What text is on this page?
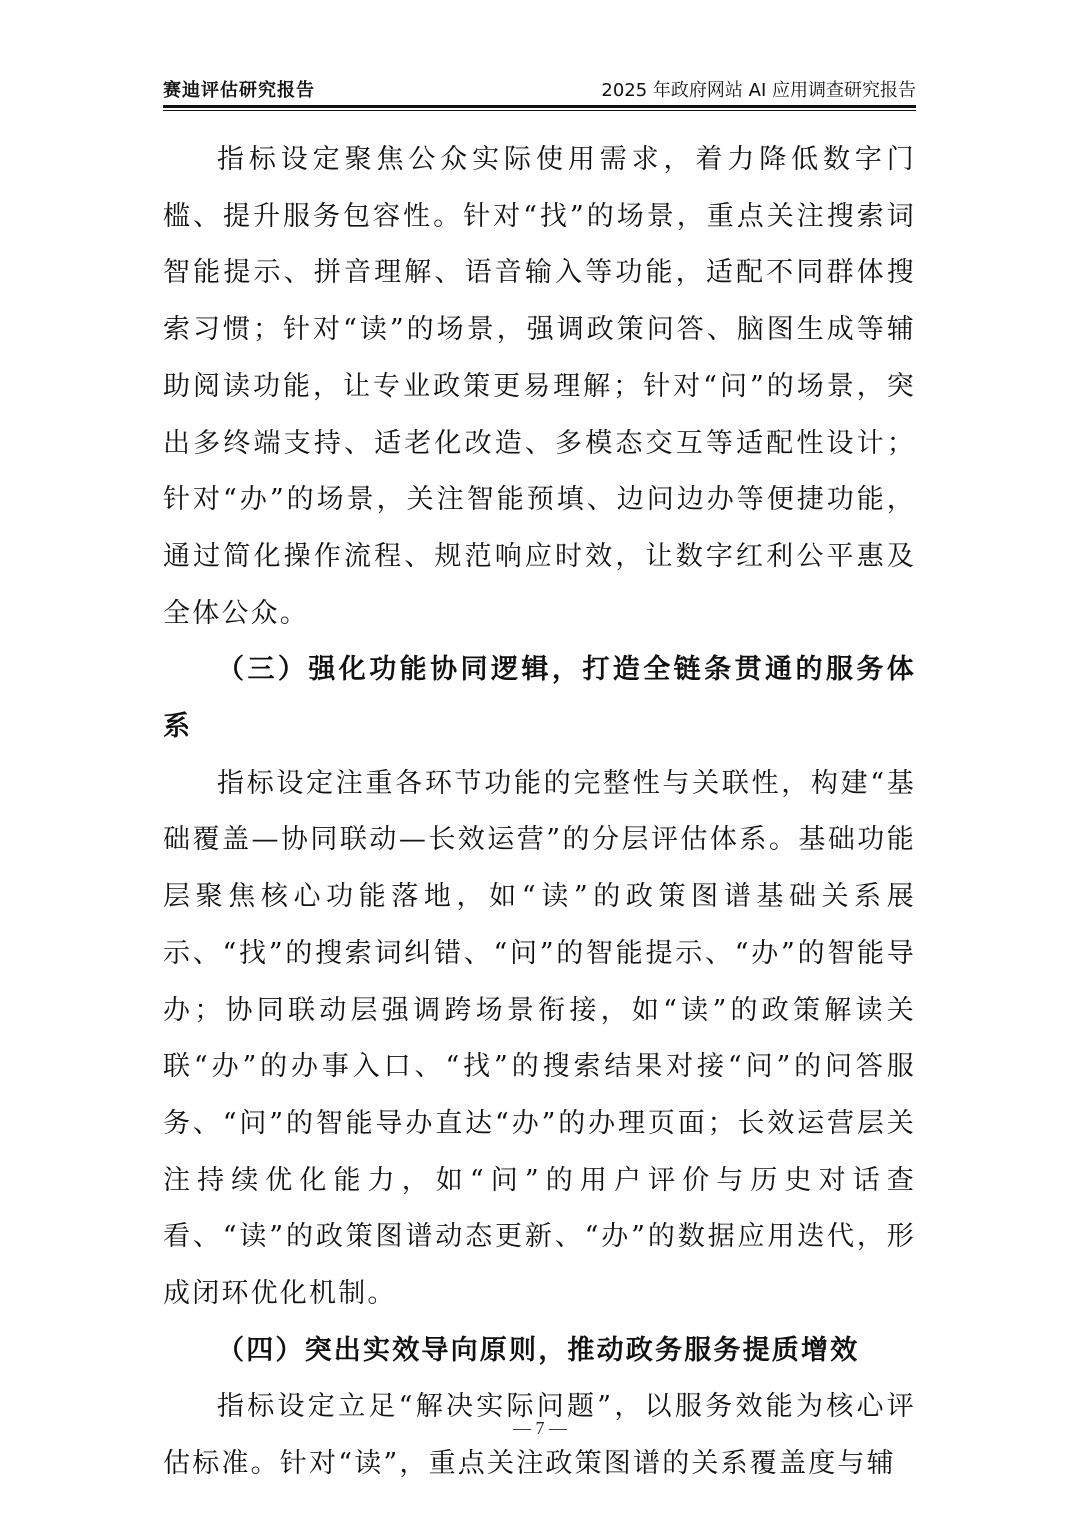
赛迪评估研究报告	2025 年政府网站 AI 应用调查研究报告

指标设定聚焦公众实际使用需求，着力降低数字门槛、提升服务包容性。针对“找”的场景，重点关注搜索词智能提示、拼音理解、语音输入等功能，适配不同群体搜索习惯；针对“读”的场景，强调政策问答、脑图生成等辅助阅读功能，让专业政策更易理解；针对“问”的场景，突出多终端支持、适老化改造、多模态交互等适配性设计；针对“办”的场景，关注智能预填、边问边办等便捷功能，通过简化操作流程、规范响应时效，让数字红利公平惠及全体公众。

（三）强化功能协同逻辑，打造全链条贯通的服务体系

指标设定注重各环节功能的完整性与关联性，构建“基础覆盖—协同联动—长效运营”的分层评估体系。基础功能层聚焦核心功能落地，如“读”的政策图谱基础关系展示、“找”的搜索词纠错、“问”的智能提示、“办”的智能导办；协同联动层强调跨场景衔接，如“读”的政策解读关联“办”的办事入口、“找”的搜索结果对接“问”的问答服务、“问”的智能导办直达“办”的办理页面；长效运营层关注持续优化能力，如“问”的用户评价与历史对话查看、“读”的政策图谱动态更新、“办”的数据应用迭代，形成闭环优化机制。

（四）突出实效导向原则，推动政务服务提质增效

指标设定立足“解决实际问题”，以服务效能为核心评估标准。针对“读”，重点关注政策图谱的关系覆盖度与辅

— 7 —
